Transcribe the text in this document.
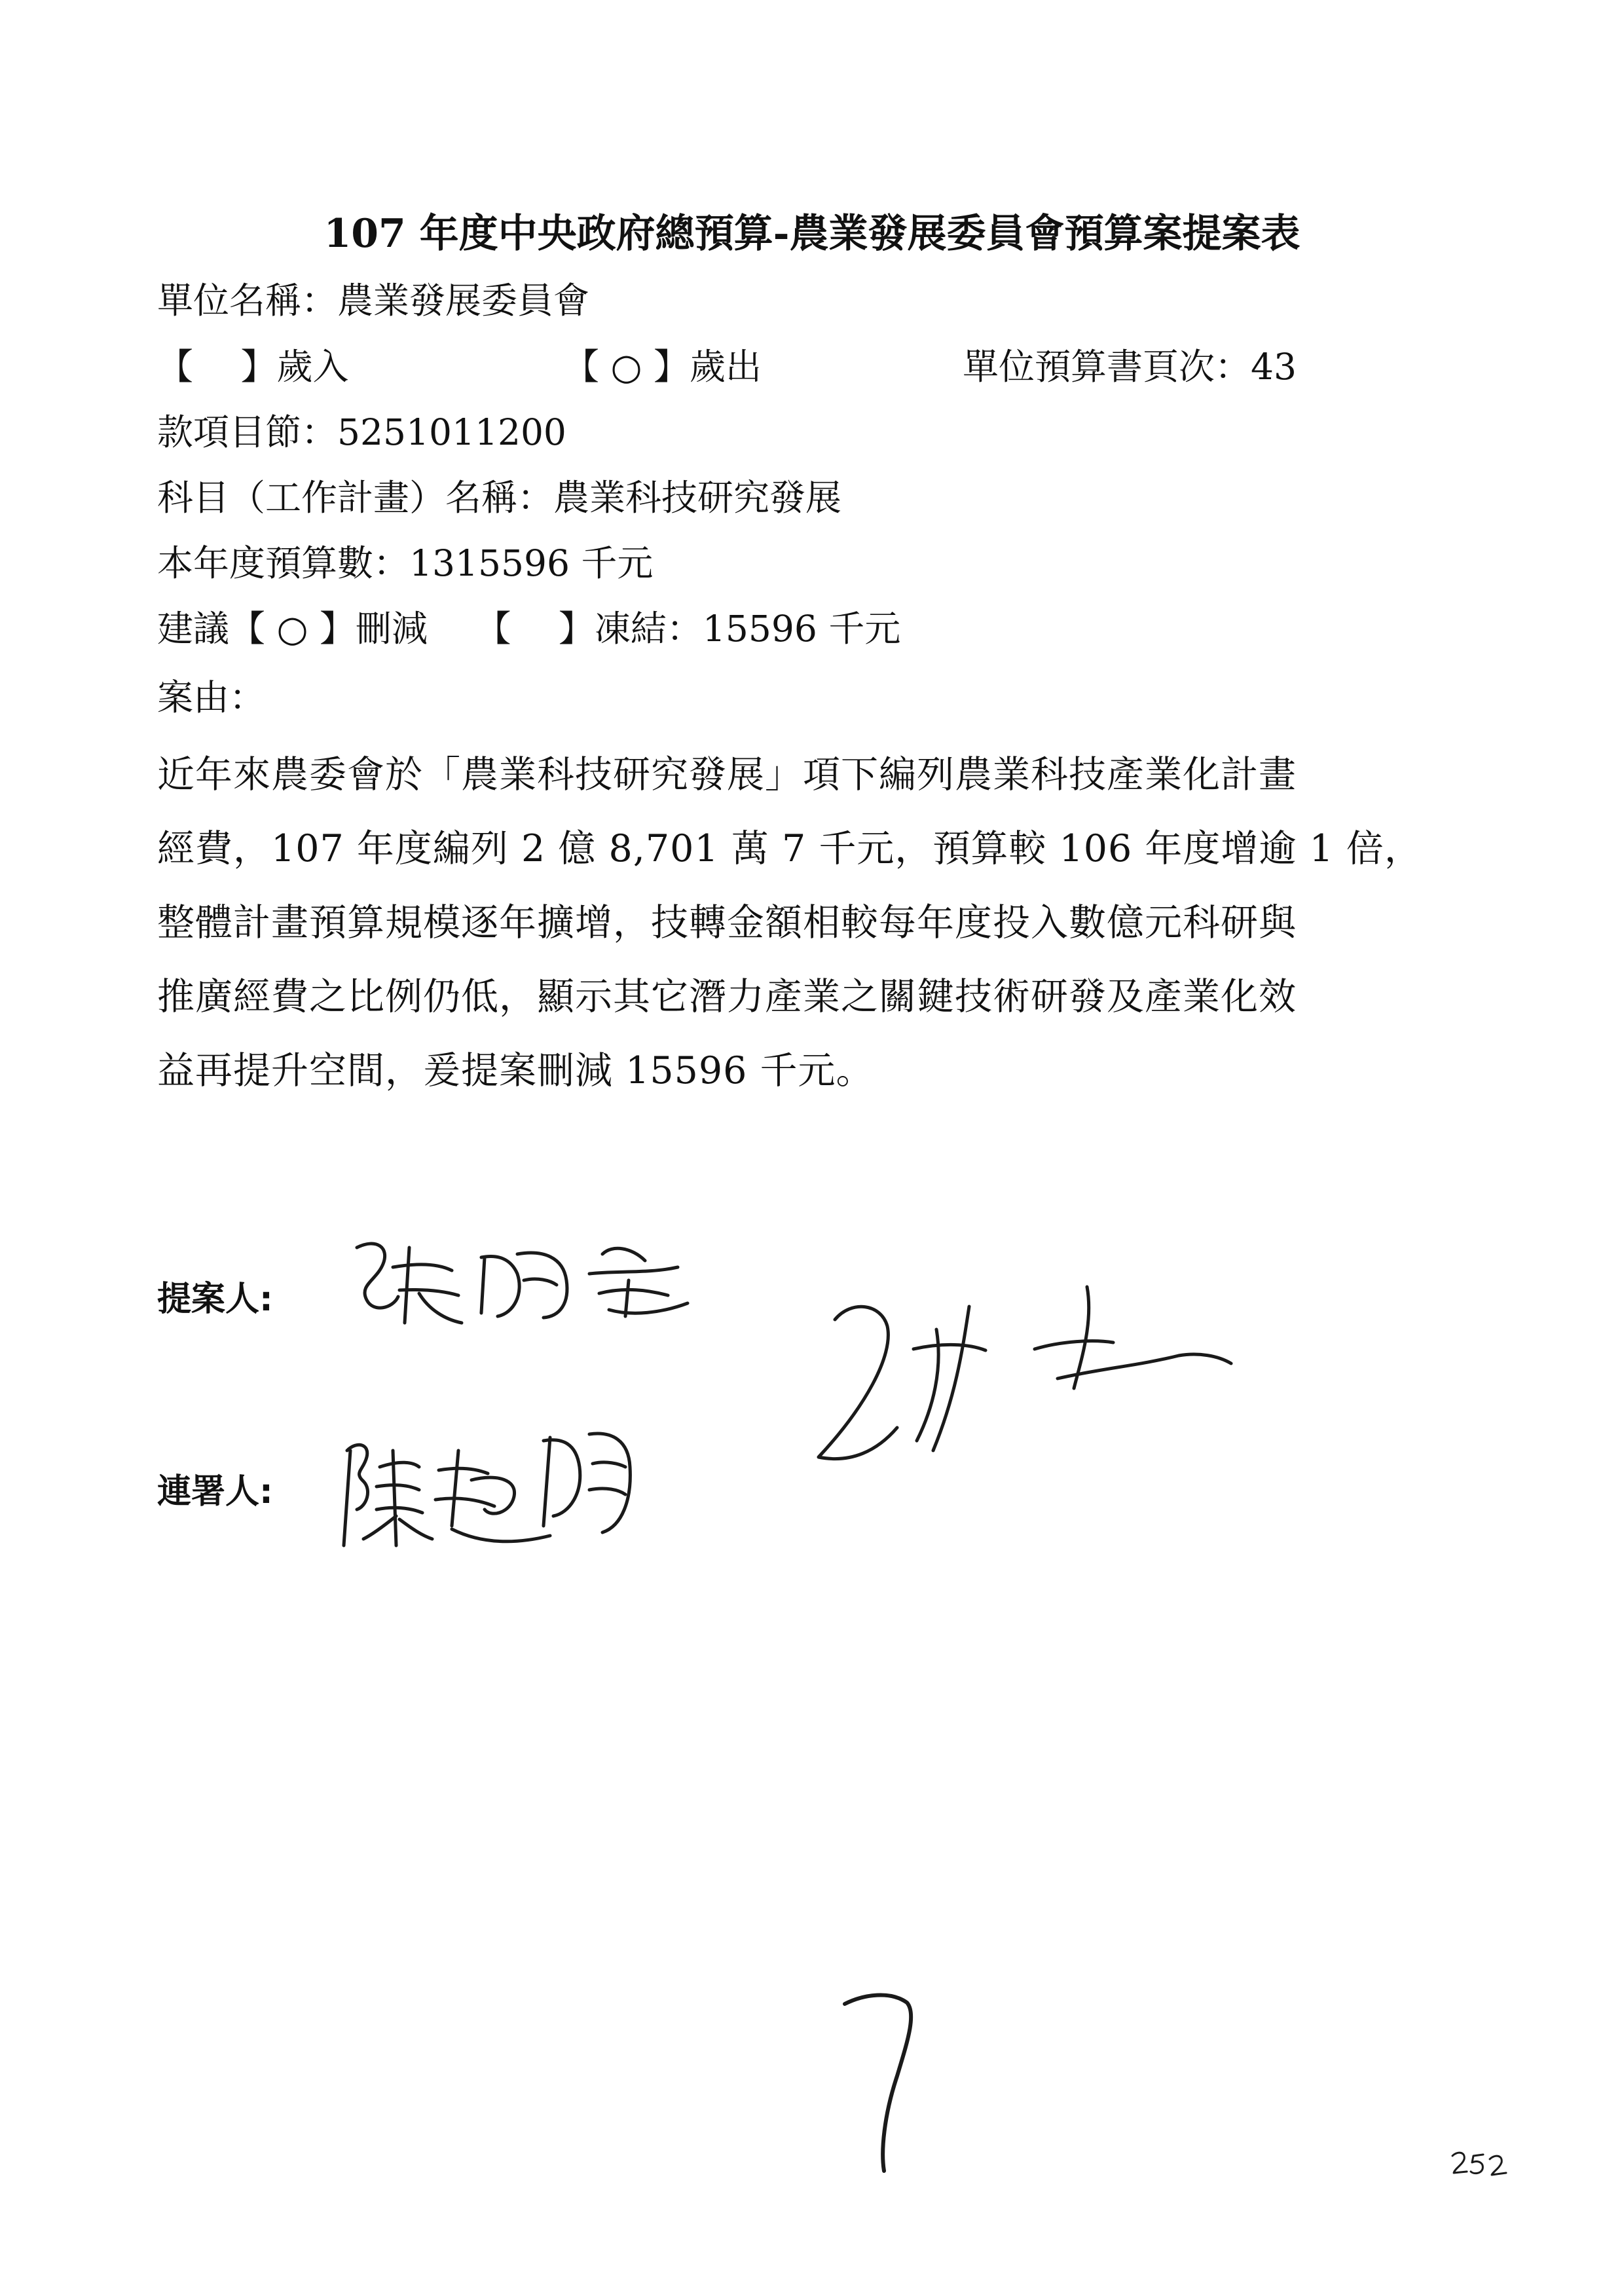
107 年度中央政府總預算-農業發展委員會預算案提案表
單位名稱：農業發展委員會
【　 】歲入	【 ○ 】歲出	單位預算書頁次：43
款項目節：5251011200
科目（工作計畫）名稱：農業科技研究發展
本年度預算數：1315596 千元
建議【 ○ 】刪減　 【　 】凍結：15596 千元
案由：
近年來農委會於「農業科技研究發展」項下編列農業科技產業化計畫
經費，107 年度編列 2 億 8,701 萬 7 千元，預算較 106 年度增逾 1 倍，
整體計畫預算規模逐年擴增，技轉金額相較每年度投入數億元科研與
推廣經費之比例仍低，顯示其它潛力產業之關鍵技術研發及產業化效
益再提升空間，爰提案刪減 15596 千元。
提案人:
連署人:
